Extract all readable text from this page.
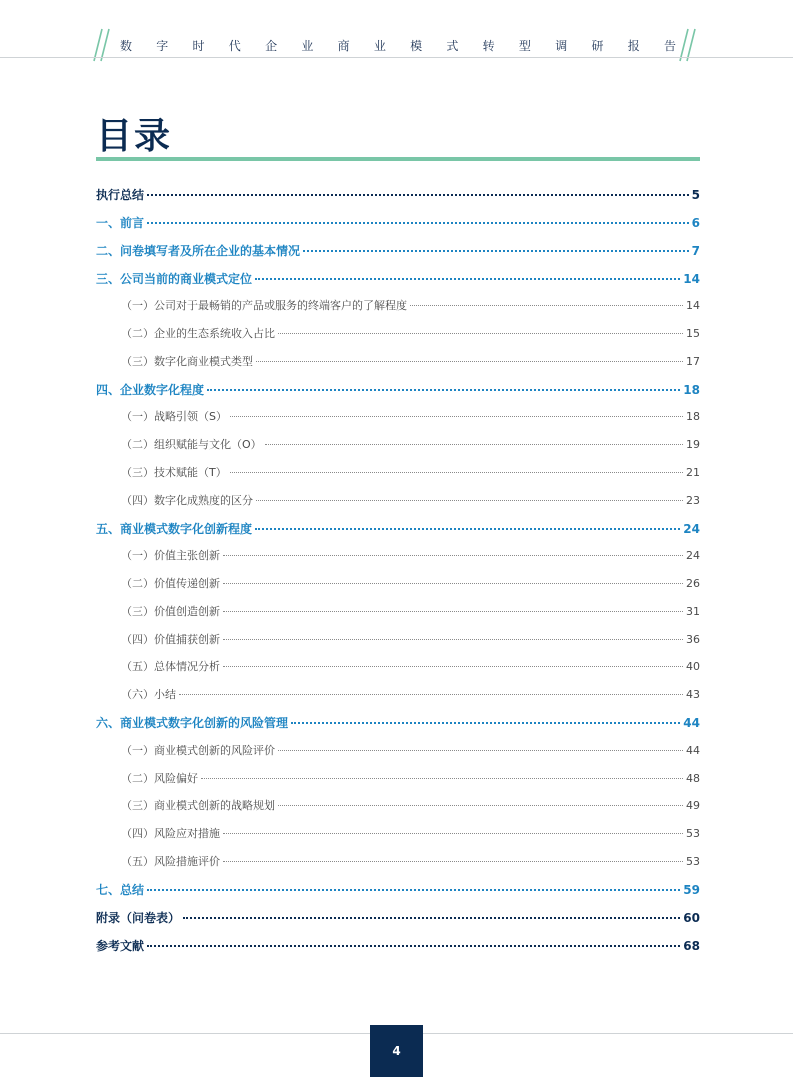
数 字 时 代 企 业 商 业 模 式 转 型 调 研 报 告
目录
执行总结	5
一、前言	6
二、问卷填写者及所在企业的基本情况	7
三、公司当前的商业模式定位	14
（一）公司对于最畅销的产品或服务的终端客户的了解程度	14
（二）企业的生态系统收入占比	15
（三）数字化商业模式类型	17
四、企业数字化程度	18
（一）战略引领（S）	18
（二）组织赋能与文化（O）	19
（三）技术赋能（T）	21
（四）数字化成熟度的区分	23
五、商业模式数字化创新程度	24
（一）价值主张创新	24
（二）价值传递创新	26
（三）价值创造创新	31
（四）价值捕获创新	36
（五）总体情况分析	40
（六）小结	43
六、商业模式数字化创新的风险管理	44
（一）商业模式创新的风险评价	44
（二）风险偏好	48
（三）商业模式创新的战略规划	49
（四）风险应对措施	53
（五）风险措施评价	53
七、总结	59
附录（问卷表）	60
参考文献	68
4
